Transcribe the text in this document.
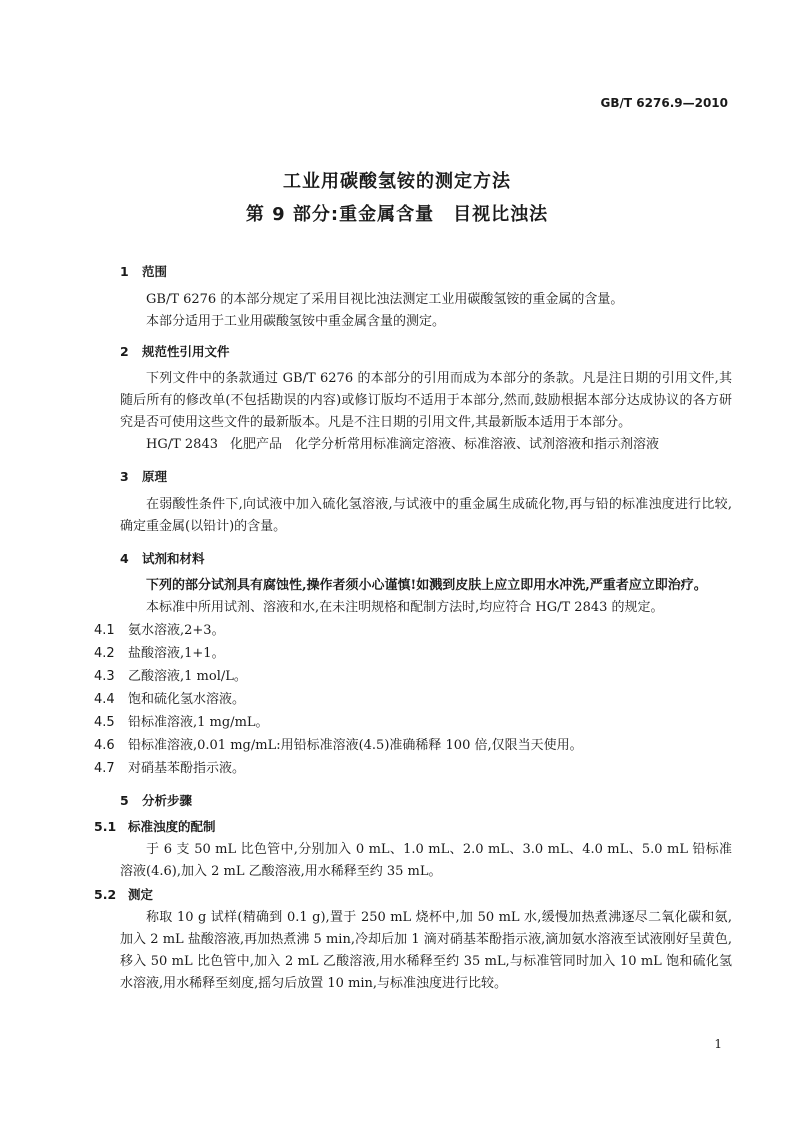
GB/T 6276.9—2010
工业用碳酸氢铵的测定方法
第 9 部分:重金属含量　目视比浊法

1 范围

GB/T 6276 的本部分规定了采用目视比浊法测定工业用碳酸氢铵的重金属的含量。

本部分适用于工业用碳酸氢铵中重金属含量的测定。

2 规范性引用文件

下列文件中的条款通过 GB/T 6276 的本部分的引用而成为本部分的条款。凡是注日期的引用文件,其随后所有的修改单(不包括勘误的内容)或修订版均不适用于本部分,然而,鼓励根据本部分达成协议的各方研究是否可使用这些文件的最新版本。凡是不注日期的引用文件,其最新版本适用于本部分。

HG/T 2843 化肥产品　化学分析常用标准滴定溶液、标准溶液、试剂溶液和指示剂溶液

3 原理

在弱酸性条件下,向试液中加入硫化氢溶液,与试液中的重金属生成硫化物,再与铅的标准浊度进行比较,确定重金属(以铅计)的含量。

4 试剂和材料

下列的部分试剂具有腐蚀性,操作者须小心谨慎!如溅到皮肤上应立即用水冲洗,严重者应立即治疗。

本标准中所用试剂、溶液和水,在未注明规格和配制方法时,均应符合 HG/T 2843 的规定。

4.1 氨水溶液,2+3。

4.2 盐酸溶液,1+1。

4.3 乙酸溶液,1 mol/L。

4.4 饱和硫化氢水溶液。

4.5 铅标准溶液,1 mg/mL。

4.6 铅标准溶液,0.01 mg/mL:用铅标准溶液(4.5)准确稀释 100 倍,仅限当天使用。

4.7 对硝基苯酚指示液。

5 分析步骤

5.1 标准浊度的配制

于 6 支 50 mL 比色管中,分别加入 0 mL、1.0 mL、2.0 mL、3.0 mL、4.0 mL、5.0 mL 铅标准溶液(4.6),加入 2 mL 乙酸溶液,用水稀释至约 35 mL。

5.2 测定

称取 10 g 试样(精确到 0.1 g),置于 250 mL 烧杯中,加 50 mL 水,缓慢加热煮沸逐尽二氧化碳和氨,加入 2 mL 盐酸溶液,再加热煮沸 5 min,冷却后加 1 滴对硝基苯酚指示液,滴加氨水溶液至试液刚好呈黄色,移入 50 mL 比色管中,加入 2 mL 乙酸溶液,用水稀释至约 35 mL,与标准管同时加入 10 mL 饱和硫化氢水溶液,用水稀释至刻度,摇匀后放置 10 min,与标准浊度进行比较。

1
